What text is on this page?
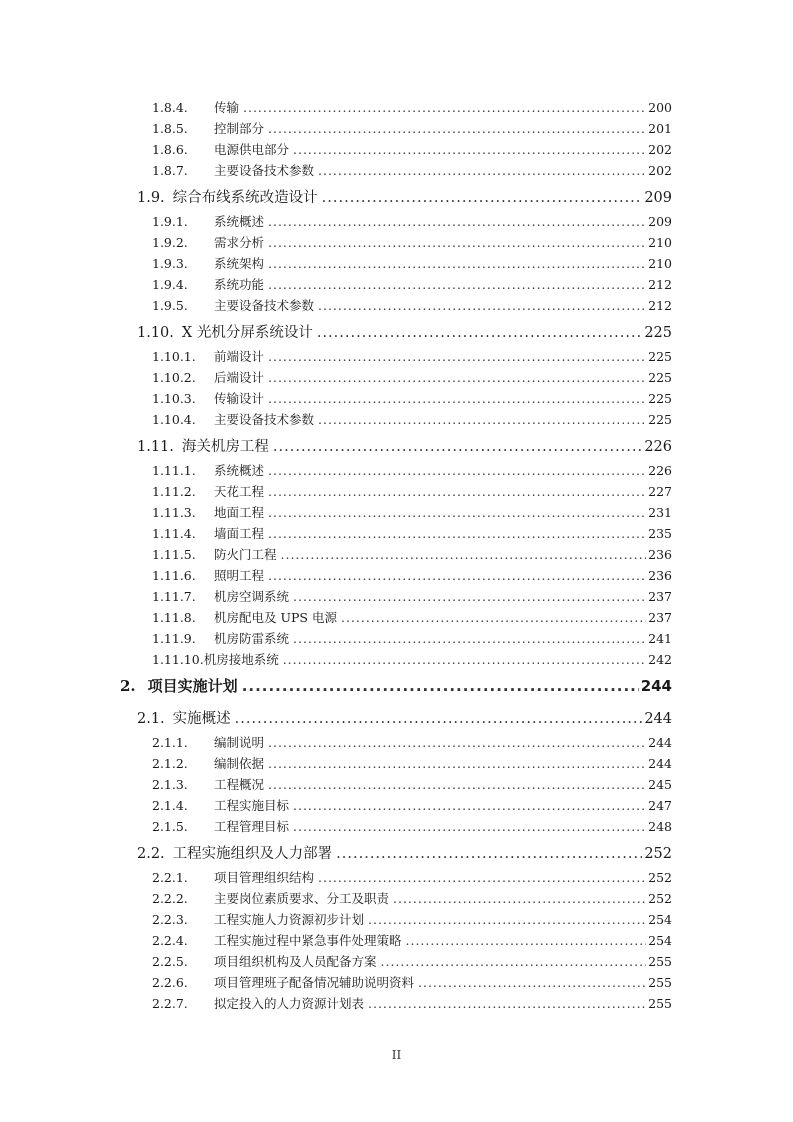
1.8.4.	传输 .....	200
1.8.5.	控制部分 .....	201
1.8.6.	电源供电部分 .....	202
1.8.7.	主要设备技术参数 .....	202
1.9. 综合布线系统改造设计 .....	209
1.9.1.	系统概述 .....	209
1.9.2.	需求分析 .....	210
1.9.3.	系统架构 .....	210
1.9.4.	系统功能 .....	212
1.9.5.	主要设备技术参数 .....	212
1.10. X 光机分屏系统设计 .....	225
1.10.1.	前端设计 .....	225
1.10.2.	后端设计 .....	225
1.10.3.	传输设计 .....	225
1.10.4.	主要设备技术参数 .....	225
1.11. 海关机房工程 .....	226
1.11.1.	系统概述 .....	226
1.11.2.	天花工程 .....	227
1.11.3.	地面工程 .....	231
1.11.4.	墙面工程 .....	235
1.11.5.	防火门工程 .....	236
1.11.6.	照明工程 .....	236
1.11.7.	机房空调系统 .....	237
1.11.8.	机房配电及 UPS 电源 .....	237
1.11.9.	机房防雷系统 .....	241
1.11.10. 机房接地系统 .....	242
2. 项目实施计划 .....	244
2.1. 实施概述 .....	244
2.1.1.	编制说明 .....	244
2.1.2.	编制依据 .....	244
2.1.3.	工程概况 .....	245
2.1.4.	工程实施目标 .....	247
2.1.5.	工程管理目标 .....	248
2.2. 工程实施组织及人力部署 .....	252
2.2.1.	项目管理组织结构 .....	252
2.2.2.	主要岗位素质要求、分工及职责 .....	252
2.2.3.	工程实施人力资源初步计划 .....	254
2.2.4.	工程实施过程中紧急事件处理策略 .....	254
2.2.5.	项目组织机构及人员配备方案 .....	255
2.2.6.	项目管理班子配备情况辅助说明资料 .....	255
2.2.7.	拟定投入的人力资源计划表 .....	255
II
